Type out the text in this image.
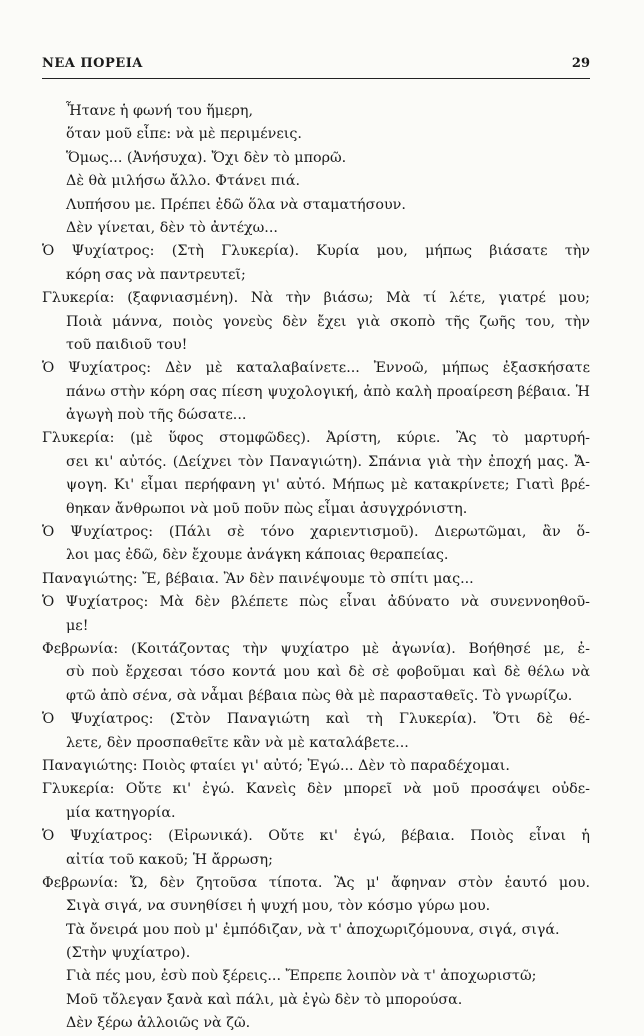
ΝΕΑ ΠΟΡΕΙΑ	29
Ἦτανε ἡ φωνή του ἥμερη,
ὅταν μοῦ εἶπε: νὰ μὲ περιμένεις.
Ὅμως... (Ἀνήσυχα). Ὄχι δὲν τὸ μπορῶ.
Δὲ θὰ μιλήσω ἄλλο. Φτάνει πιά.
Λυπήσου με. Πρέπει ἐδῶ ὅλα νὰ σταματήσουν.
Δὲν γίνεται, δὲν τὸ ἀντέχω...
Ὁ Ψυχίατρος: (Στὴ Γλυκερία). Κυρία μου, μήπως βιάσατε τὴν
κόρη σας νὰ παντρευτεῖ;
Γλυκερία: (ξαφνιασμένη). Νὰ τὴν βιάσω; Μὰ τί λέτε, γιατρέ μου;
Ποιὰ μάννα, ποιὸς γονεὺς δὲν ἔχει γιὰ σκοπὸ τῆς ζωῆς του, τὴν
τοῦ παιδιοῦ του!
Ὁ Ψυχίατρος: Δὲν μὲ καταλαβαίνετε... Ἐννοῶ, μήπως ἐξασκήσατε
πάνω στὴν κόρη σας πίεση ψυχολογική, ἀπὸ καλὴ προαίρεση βέβαια. Ἡ
ἀγωγὴ ποὺ τῆς δώσατε...
Γλυκερία: (μὲ ὕφος στομφῶδες). Ἀρίστη, κύριε. Ἂς τὸ μαρτυρή-
σει κι' αὐτός. (Δείχνει τὸν Παναγιώτη). Σπάνια γιὰ τὴν ἐποχή μας. Ἄ-
ψογη. Κι' εἶμαι περήφανη γι' αὐτό. Μήπως μὲ κατακρίνετε; Γιατὶ βρέ-
θηκαν ἄνθρωποι νὰ μοῦ ποῦν πὼς εἶμαι ἀσυγχρόνιστη.
Ὁ Ψυχίατρος: (Πάλι σὲ τόνο χαριεντισμοῦ). Διερωτῶμαι, ἂν ὅ-
λοι μας ἐδῶ, δὲν ἔχουμε ἀνάγκη κάποιας θεραπείας.
Παναγιώτης: Ἔ, βέβαια. Ἂν δὲν παινέψουμε τὸ σπίτι μας...
Ὁ Ψυχίατρος: Μὰ δὲν βλέπετε πὼς εἶναι ἀδύνατο νὰ συνεννοηθοῦ-
με!
Φεβρωνία: (Κοιτάζοντας τὴν ψυχίατρο μὲ ἀγωνία). Βοήθησέ με, ἐ-
σὺ ποὺ ἔρχεσαι τόσο κοντά μου καὶ δὲ σὲ φοβοῦμαι καὶ δὲ θέλω νὰ
φτῶ ἀπὸ σένα, σὰ νἆμαι βέβαια πὼς θὰ μὲ παρασταθεῖς. Τὸ γνωρίζω.
Ὁ Ψυχίατρος: (Στὸν Παναγιώτη καὶ τὴ Γλυκερία). Ὅτι δὲ θέ-
λετε, δὲν προσπαθεῖτε κἂν νὰ μὲ καταλάβετε...
Παναγιώτης: Ποιὸς φταίει γι' αὐτό; Ἐγώ... Δὲν τὸ παραδέχομαι.
Γλυκερία: Οὔτε κι' ἐγώ. Κανεὶς δὲν μπορεῖ νὰ μοῦ προσάψει οὐδε-
μία κατηγορία.
Ὁ Ψυχίατρος: (Εἰρωνικά). Οὔτε κι' ἐγώ, βέβαια. Ποιὸς εἶναι ἡ
αἰτία τοῦ κακοῦ; Ἡ ἄρρωση;
Φεβρωνία: Ὤ, δὲν ζητοῦσα τίποτα. Ἂς μ' ἄφηναν στὸν ἑαυτό μου.
Σιγὰ σιγά, να συνηθίσει ἡ ψυχή μου, τὸν κόσμο γύρω μου.
Τὰ ὄνειρά μου ποὺ μ' ἐμπόδιζαν, νὰ τ' ἀποχωριζόμουνα, σιγά, σιγά.
(Στὴν ψυχίατρο).
Γιὰ πές μου, ἐσὺ ποὺ ξέρεις... Ἔπρεπε λοιπὸν νὰ τ' ἀποχωριστῶ;
Μοῦ τὄλεγαν ξανὰ καὶ πάλι, μὰ ἐγὼ δὲν τὸ μπορούσα.
Δὲν ξέρω ἀλλοιῶς νὰ ζῶ.
